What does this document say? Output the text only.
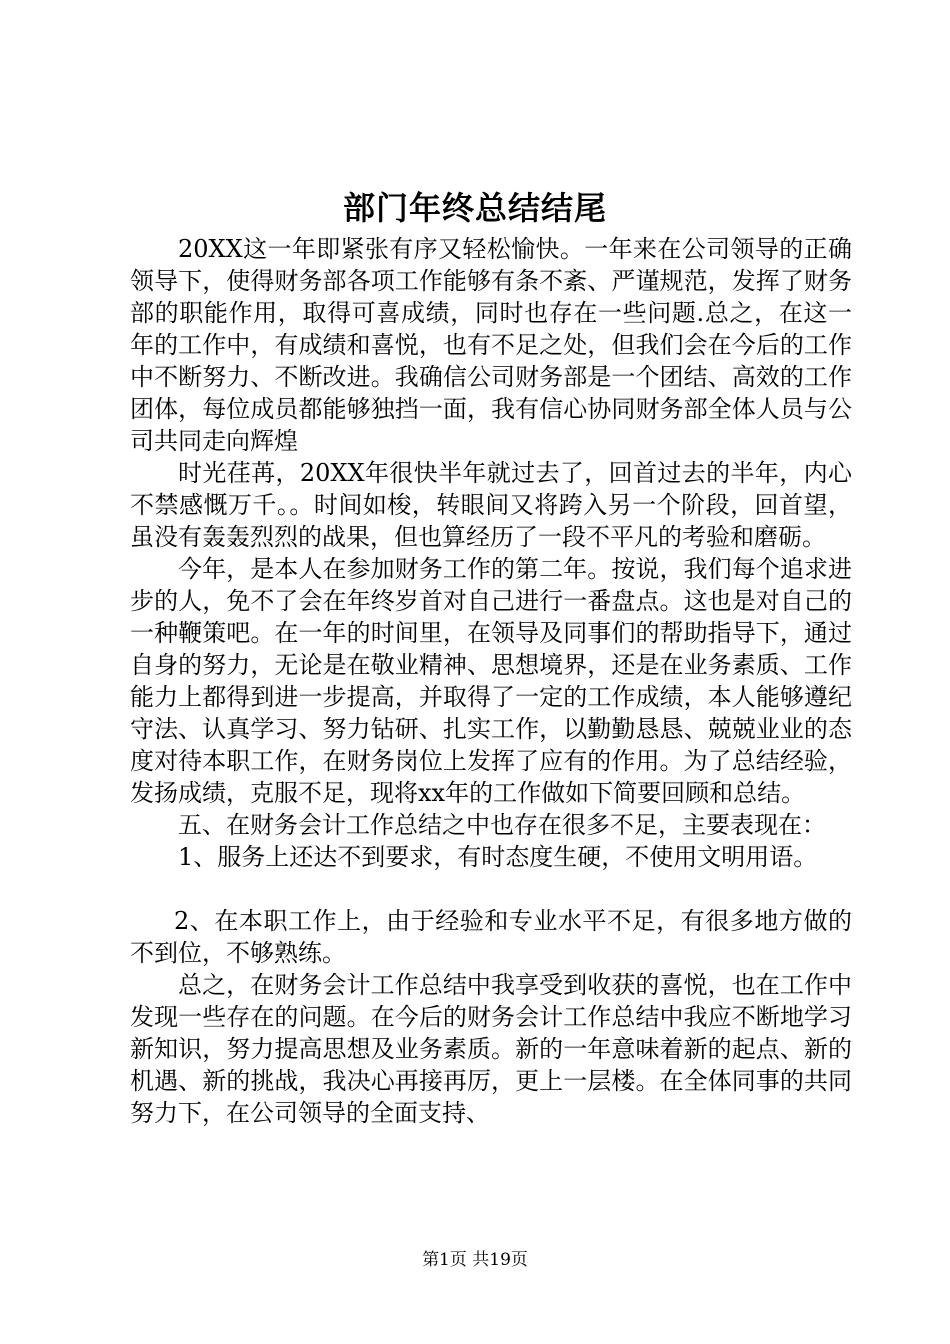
部门年终总结结尾

20XX这一年即紧张有序又轻松愉快。一年来在公司领导的正确领导下，使得财务部各项工作能够有条不紊、严谨规范，发挥了财务部的职能作用，取得可喜成绩，同时也存在一些问题.总之，在这一年的工作中，有成绩和喜悦，也有不足之处，但我们会在今后的工作中不断努力、不断改进。我确信公司财务部是一个团结、高效的工作团体，每位成员都能够独挡一面，我有信心协同财务部全体人员与公司共同走向辉煌

时光荏苒，20XX年很快半年就过去了，回首过去的半年，内心不禁感慨万千。。时间如梭，转眼间又将跨入另一个阶段，回首望，虽没有轰轰烈烈的战果，但也算经历了一段不平凡的考验和磨砺。

今年，是本人在参加财务工作的第二年。按说，我们每个追求进步的人，免不了会在年终岁首对自己进行一番盘点。这也是对自己的一种鞭策吧。在一年的时间里，在领导及同事们的帮助指导下，通过自身的努力，无论是在敬业精神、思想境界，还是在业务素质、工作能力上都得到进一步提高，并取得了一定的工作成绩，本人能够遵纪守法、认真学习、努力钻研、扎实工作，以勤勤恳恳、兢兢业业的态度对待本职工作，在财务岗位上发挥了应有的作用。为了总结经验，发扬成绩，克服不足，现将xx年的工作做如下简要回顾和总结。

五、在财务会计工作总结之中也存在很多不足，主要表现在：

1、服务上还达不到要求，有时态度生硬，不使用文明用语。

2、在本职工作上，由于经验和专业水平不足，有很多地方做的不到位，不够熟练。

总之，在财务会计工作总结中我享受到收获的喜悦，也在工作中发现一些存在的问题。在今后的财务会计工作总结中我应不断地学习新知识，努力提高思想及业务素质。新的一年意味着新的起点、新的机遇、新的挑战，我决心再接再厉，更上一层楼。在全体同事的共同努力下，在公司领导的全面支持、

第1页 共19页
